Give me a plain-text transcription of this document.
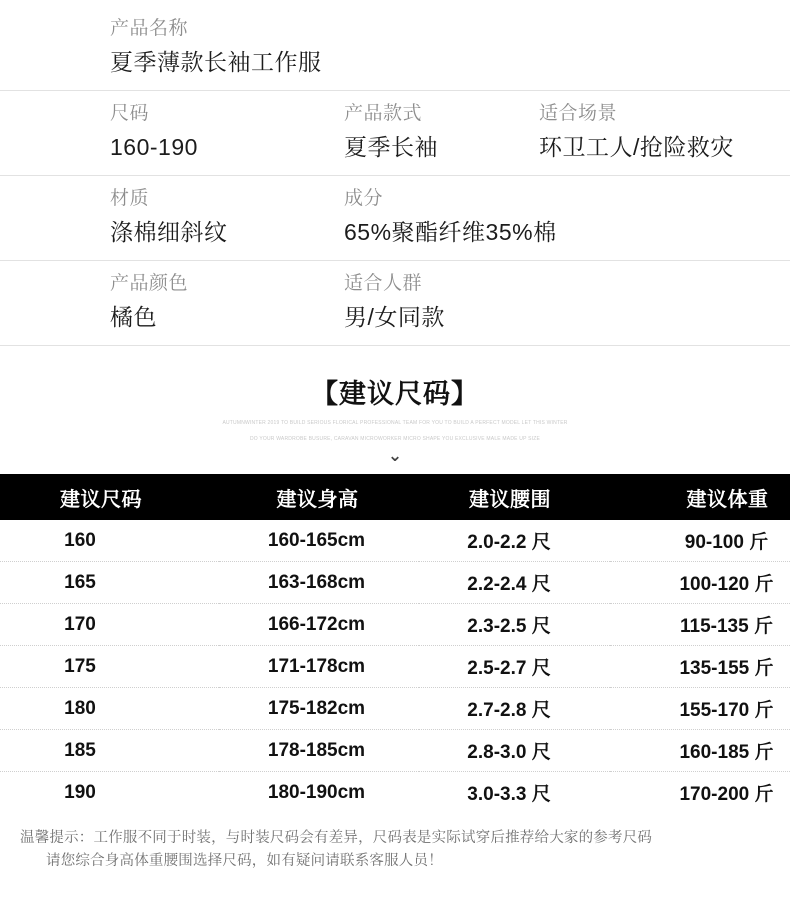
产品名称
夏季薄款长袖工作服
尺码
160-190
产品款式
夏季长袖
适合场景
环卫工人/抢险救灾
材质
涤棉细斜纹
成分
65%聚酯纤维35%棉
产品颜色
橘色
适合人群
男/女同款
【建议尺码】
AUTUMNWINTER 2019 TO BUILD SERIOUS FLORICAL PROFESSIONAL TEAM FOR YOU TO BUILD A PERFECT MODEL LET THIS WINTER
DO YOUR WARDROBE BUSURE, CARAVAN MICROWORKER MICRO SHAPE YOU EXCLUSIVE MALE MADE UP SIZE
⌄
建议尺码	建议身高	建议腰围	建议体重
160	160-165cm	2.0-2.2 尺	90-100 斤
165	163-168cm	2.2-2.4 尺	100-120 斤
170	166-172cm	2.3-2.5 尺	115-135 斤
175	171-178cm	2.5-2.7 尺	135-155 斤
180	175-182cm	2.7-2.8 尺	155-170 斤
185	178-185cm	2.8-3.0 尺	160-185 斤
190	180-190cm	3.0-3.3 尺	170-200 斤
温馨提示：工作服不同于时装，与时装尺码会有差异，尺码表是实际试穿后推荐给大家的参考尺码
请您综合身高体重腰围选择尺码，如有疑问请联系客服人员！
